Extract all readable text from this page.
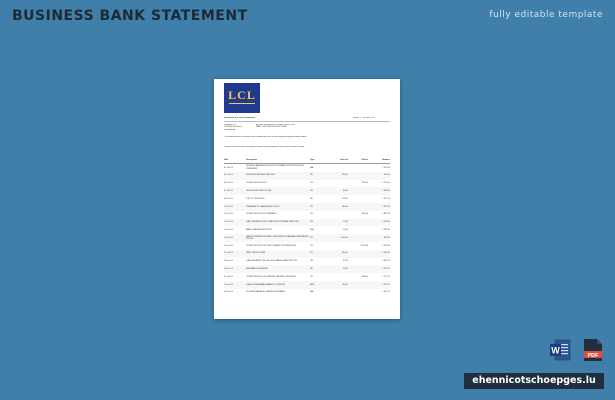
BUSINESS BANK STATEMENT	fully editable template
LCL
BUSINESS ACCOUNT Statement	Period: 1 - 30 June 2023
Company Ltd
123 Business Street
Luxembourg
Account: BUSINESS CURRENT ACCOUNT
IBAN: LU28 0019 4006 4475 0000
This statement lists all transactions recorded on your account during the period shown above.
Please check all entries carefully and report any discrepancy to your branch within 30 days.
Date	Description	Type	Paid out	Paid in	Balance
01 Jun 23	OPENING BALANCE BROUGHT FORWARD FROM PREVIOUS STATEMENT	BAL			1 250.00
02 Jun 23	SUPPLIER PAYMENT REF 0042	DD	320.00		930.00
05 Jun 23	CLIENT INVOICE 1187	CR		780.00	1 710.00
07 Jun 23	OFFICE SUPPLIES STORE	CB	64.50		1 645.50
08 Jun 23	UTILITY PROVIDER	DD	118.20		1 527.30
12 Jun 23	TRANSFER TO SAVINGS ACCOUNT	TR	200.00		1 327.30
14 Jun 23	CLIENT INVOICE 1192 PAYMENT	CR		540.00	1 867.30
15 Jun 23	CARD PAYMENT FUEL STATION MOTORWAY SERVICES	CB	72.40		1 794.90
16 Jun 23	BANK CHARGES MONTHLY	FEE	12.00		1 782.90
19 Jun 23	SALARY PAYMENTS STAFF JUNE BATCH TRANSFER REFERENCE 2023-06	TR	1 100.00		682.90
20 Jun 23	CLIENT INVOICE 1201 SETTLEMENT FOR SERVICES	CR		1 450.00	2 132.90
21 Jun 23	RENT OFFICE JUNE	SO	650.00		1 482.90
23 Jun 23	CARD PAYMENT ONLINE SOFTWARE SUBSCRIPTION	CB	49.99		1 432.91
26 Jun 23	INSURANCE PREMIUM	DD	95.00		1 337.91
27 Jun 23	CLIENT INVOICE 1205 PARTIAL PAYMENT RECEIVED	CR		380.00	1 717.91
29 Jun 23	CASH WITHDRAWAL BRANCH COUNTER	ATM	150.00		1 567.91
30 Jun 23	CLOSING BALANCE CARRIED FORWARD	BAL			1 567.91
W
PDF
ehennicotschoepges.lu
